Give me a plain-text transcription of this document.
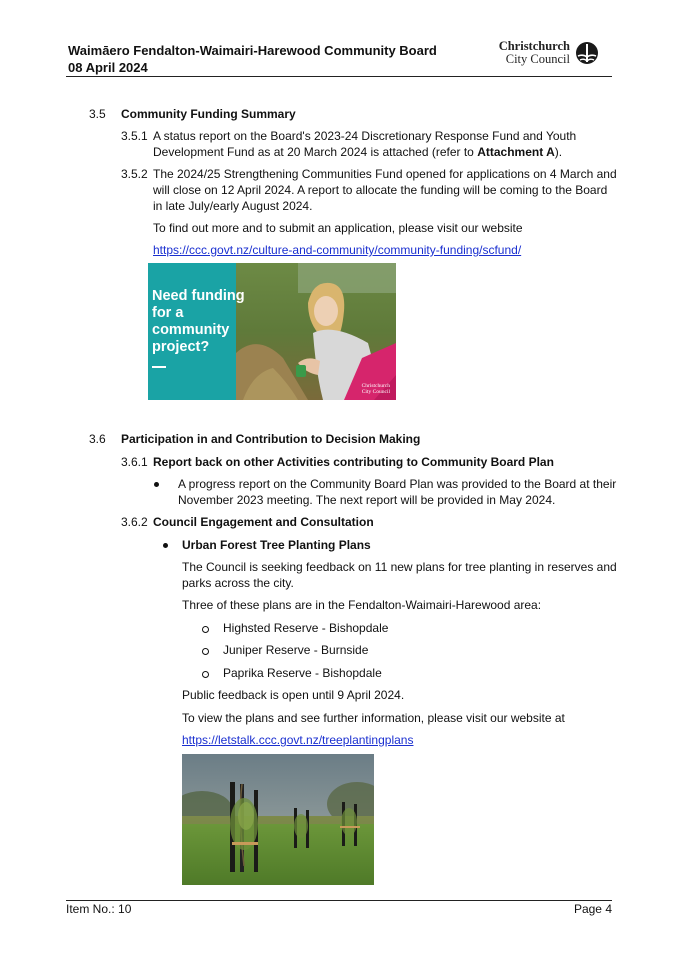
Waimāero Fendalton-Waimairi-Harewood Community Board
08 April 2024
Christchurch
City Council
3.5 Community Funding Summary
3.5.1 A status report on the Board's 2023-24 Discretionary Response Fund and Youth
Development Fund as at 20 March 2024 is attached (refer to Attachment A).
3.5.2 The 2024/25 Strengthening Communities Fund opened for applications on 4 March and
will close on 12 April 2024. A report to allocate the funding will be coming to the Board
in late July/early August 2024.
To find out more and to submit an application, please visit our website
https://ccc.govt.nz/culture-and-community/community-funding/scfund/
Need funding
for a
community
project?
Christchurch
City Council
3.6 Participation in and Contribution to Decision Making
3.6.1 Report back on other Activities contributing to Community Board Plan
A progress report on the Community Board Plan was provided to the Board at their
November 2023 meeting. The next report will be provided in May 2024.
3.6.2 Council Engagement and Consultation
Urban Forest Tree Planting Plans
The Council is seeking feedback on 11 new plans for tree planting in reserves and
parks across the city.
Three of these plans are in the Fendalton-Waimairi-Harewood area:
Highsted Reserve - Bishopdale
Juniper Reserve - Burnside
Paprika Reserve - Bishopdale
Public feedback is open until 9 April 2024.
To view the plans and see further information, please visit our website at
https://letstalk.ccc.govt.nz/treeplantingplans
Item No.: 10	Page 4
